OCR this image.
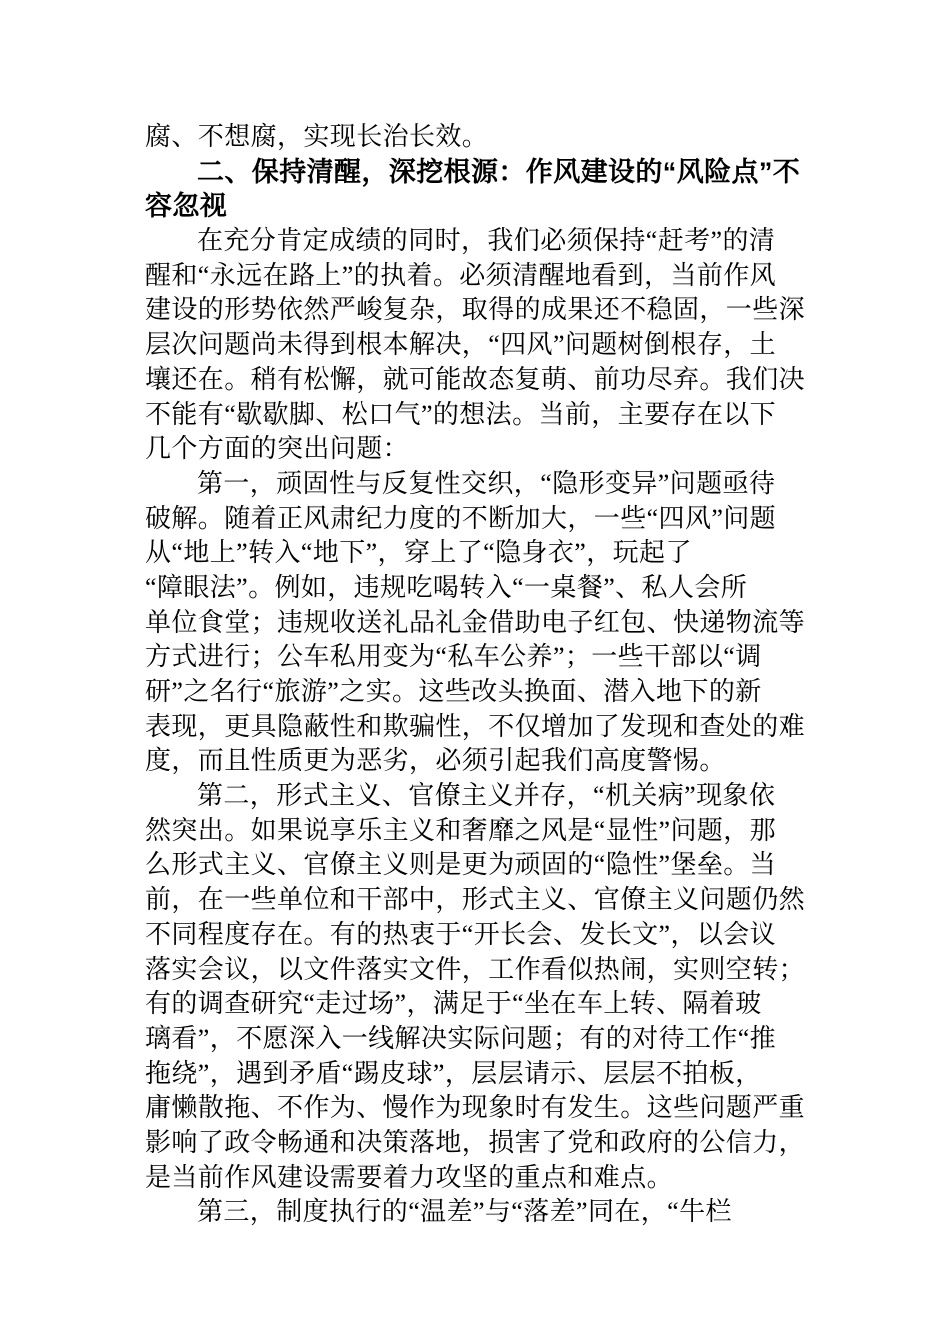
腐、不想腐，实现长治长效。
二、保持清醒，深挖根源：作风建设的“风险点”不
容忽视
在充分肯定成绩的同时，我们必须保持“赶考”的清
醒和“永远在路上”的执着。必须清醒地看到，当前作风
建设的形势依然严峻复杂，取得的成果还不稳固，一些深
层次问题尚未得到根本解决，“四风”问题树倒根存，土
壤还在。稍有松懈，就可能故态复萌、前功尽弃。我们决
不能有“歇歇脚、松口气”的想法。当前，主要存在以下
几个方面的突出问题：
第一，顽固性与反复性交织，“隐形变异”问题亟待
破解。随着正风肃纪力度的不断加大，一些“四风”问题
从“地上”转入“地下”，穿上了“隐身衣”，玩起了
“障眼法”。例如，违规吃喝转入“一桌餐”、私人会所
单位食堂；违规收送礼品礼金借助电子红包、快递物流等
方式进行；公车私用变为“私车公养”；一些干部以“调
研”之名行“旅游”之实。这些改头换面、潜入地下的新
表现，更具隐蔽性和欺骗性，不仅增加了发现和查处的难
度，而且性质更为恶劣，必须引起我们高度警惕。
第二，形式主义、官僚主义并存，“机关病”现象依
然突出。如果说享乐主义和奢靡之风是“显性”问题，那
么形式主义、官僚主义则是更为顽固的“隐性”堡垒。当
前，在一些单位和干部中，形式主义、官僚主义问题仍然
不同程度存在。有的热衷于“开长会、发长文”，以会议
落实会议，以文件落实文件，工作看似热闹，实则空转；
有的调查研究“走过场”，满足于“坐在车上转、隔着玻
璃看”，不愿深入一线解决实际问题；有的对待工作“推
拖绕”，遇到矛盾“踢皮球”，层层请示、层层不拍板，
庸懒散拖、不作为、慢作为现象时有发生。这些问题严重
影响了政令畅通和决策落地，损害了党和政府的公信力，
是当前作风建设需要着力攻坚的重点和难点。
第三，制度执行的“温差”与“落差”同在，“牛栏
